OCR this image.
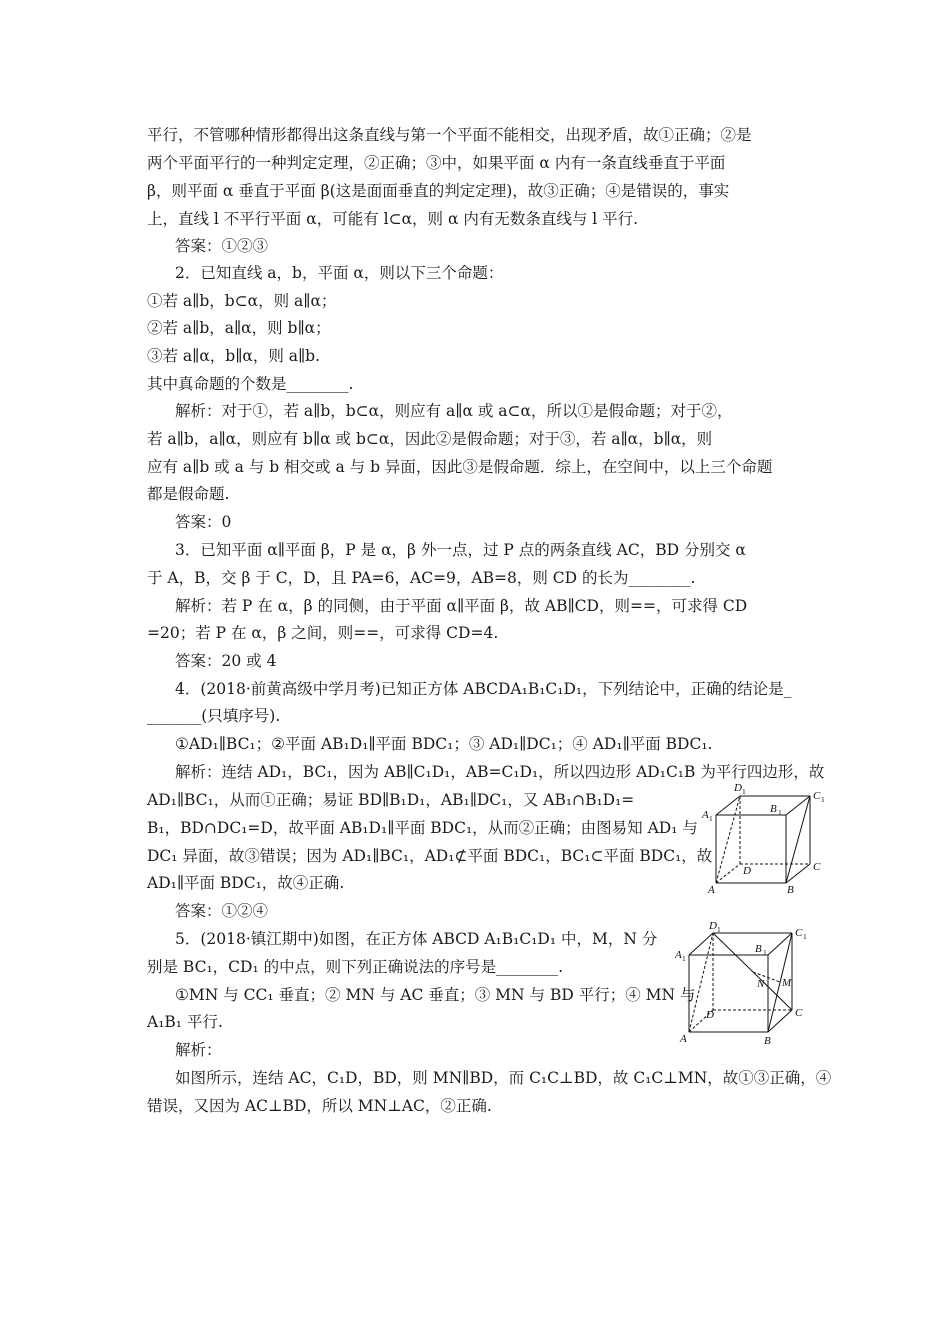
平行，不管哪种情形都得出这条直线与第一个平面不能相交，出现矛盾，故①正确；②是
两个平面平行的一种判定定理，②正确；③中，如果平面 α 内有一条直线垂直于平面
β，则平面 α 垂直于平面 β(这是面面垂直的判定定理)，故③正确；④是错误的，事实
上，直线 l 不平行平面 α，可能有 l⊂α，则 α 内有无数条直线与 l 平行.
答案：①②③
2．已知直线 a，b，平面 α，则以下三个命题：
①若 a∥b，b⊂α，则 a∥α；
②若 a∥b，a∥α，则 b∥α；
③若 a∥α，b∥α，则 a∥b.
其中真命题的个数是________.
解析：对于①，若 a∥b，b⊂α，则应有 a∥α 或 a⊂α，所以①是假命题；对于②，
若 a∥b，a∥α，则应有 b∥α 或 b⊂α，因此②是假命题；对于③，若 a∥α，b∥α，则
应有 a∥b 或 a 与 b 相交或 a 与 b 异面，因此③是假命题．综上，在空间中，以上三个命题
都是假命题.
答案：0
3．已知平面 α∥平面 β，P 是 α，β 外一点，过 P 点的两条直线 AC，BD 分别交 α
于 A，B，交 β 于 C，D，且 PA=6，AC=9，AB=8，则 CD 的长为________.
解析：若 P 在 α，β 的同侧，由于平面 α∥平面 β，故 AB∥CD，则==，可求得 CD
=20；若 P 在 α，β 之间，则==，可求得 CD=4.
答案：20 或 4
4．(2018·前黄高级中学月考)已知正方体 ABCDA₁B₁C₁D₁，下列结论中，正确的结论是_
_______(只填序号).
①AD₁∥BC₁；②平面 AB₁D₁∥平面 BDC₁；③ AD₁∥DC₁；④ AD₁∥平面 BDC₁.
解析：连结 AD₁，BC₁，因为 AB∥C₁D₁，AB=C₁D₁，所以四边形 AD₁C₁B 为平行四边形，故
AD₁∥BC₁，从而①正确；易证 BD∥B₁D₁，AB₁∥DC₁，又 AB₁∩B₁D₁=
B₁，BD∩DC₁=D，故平面 AB₁D₁∥平面 BDC₁，从而②正确；由图易知 AD₁ 与
DC₁ 异面，故③错误；因为 AD₁∥BC₁，AD₁⊄平面 BDC₁，BC₁⊂平面 BDC₁，故
AD₁∥平面 BDC₁，故④正确.
答案：①②④
5．(2018·镇江期中)如图，在正方体 ABCD A₁B₁C₁D₁ 中，M，N 分
别是 BC₁，CD₁ 的中点，则下列正确说法的序号是________.
①MN 与 CC₁ 垂直；② MN 与 AC 垂直；③ MN 与 BD 平行；④ MN 与
A₁B₁ 平行.
解析：
如图所示，连结 AC，C₁D，BD，则 MN∥BD，而 C₁C⊥BD，故 C₁C⊥MN，故①③正确，④
错误，又因为 AC⊥BD，所以 MN⊥AC，②正确.
D 1	C 1
B 1
A 1
A	B
C
D
D 1	C 1
B 1
A 1
N M
D	C
A	B
